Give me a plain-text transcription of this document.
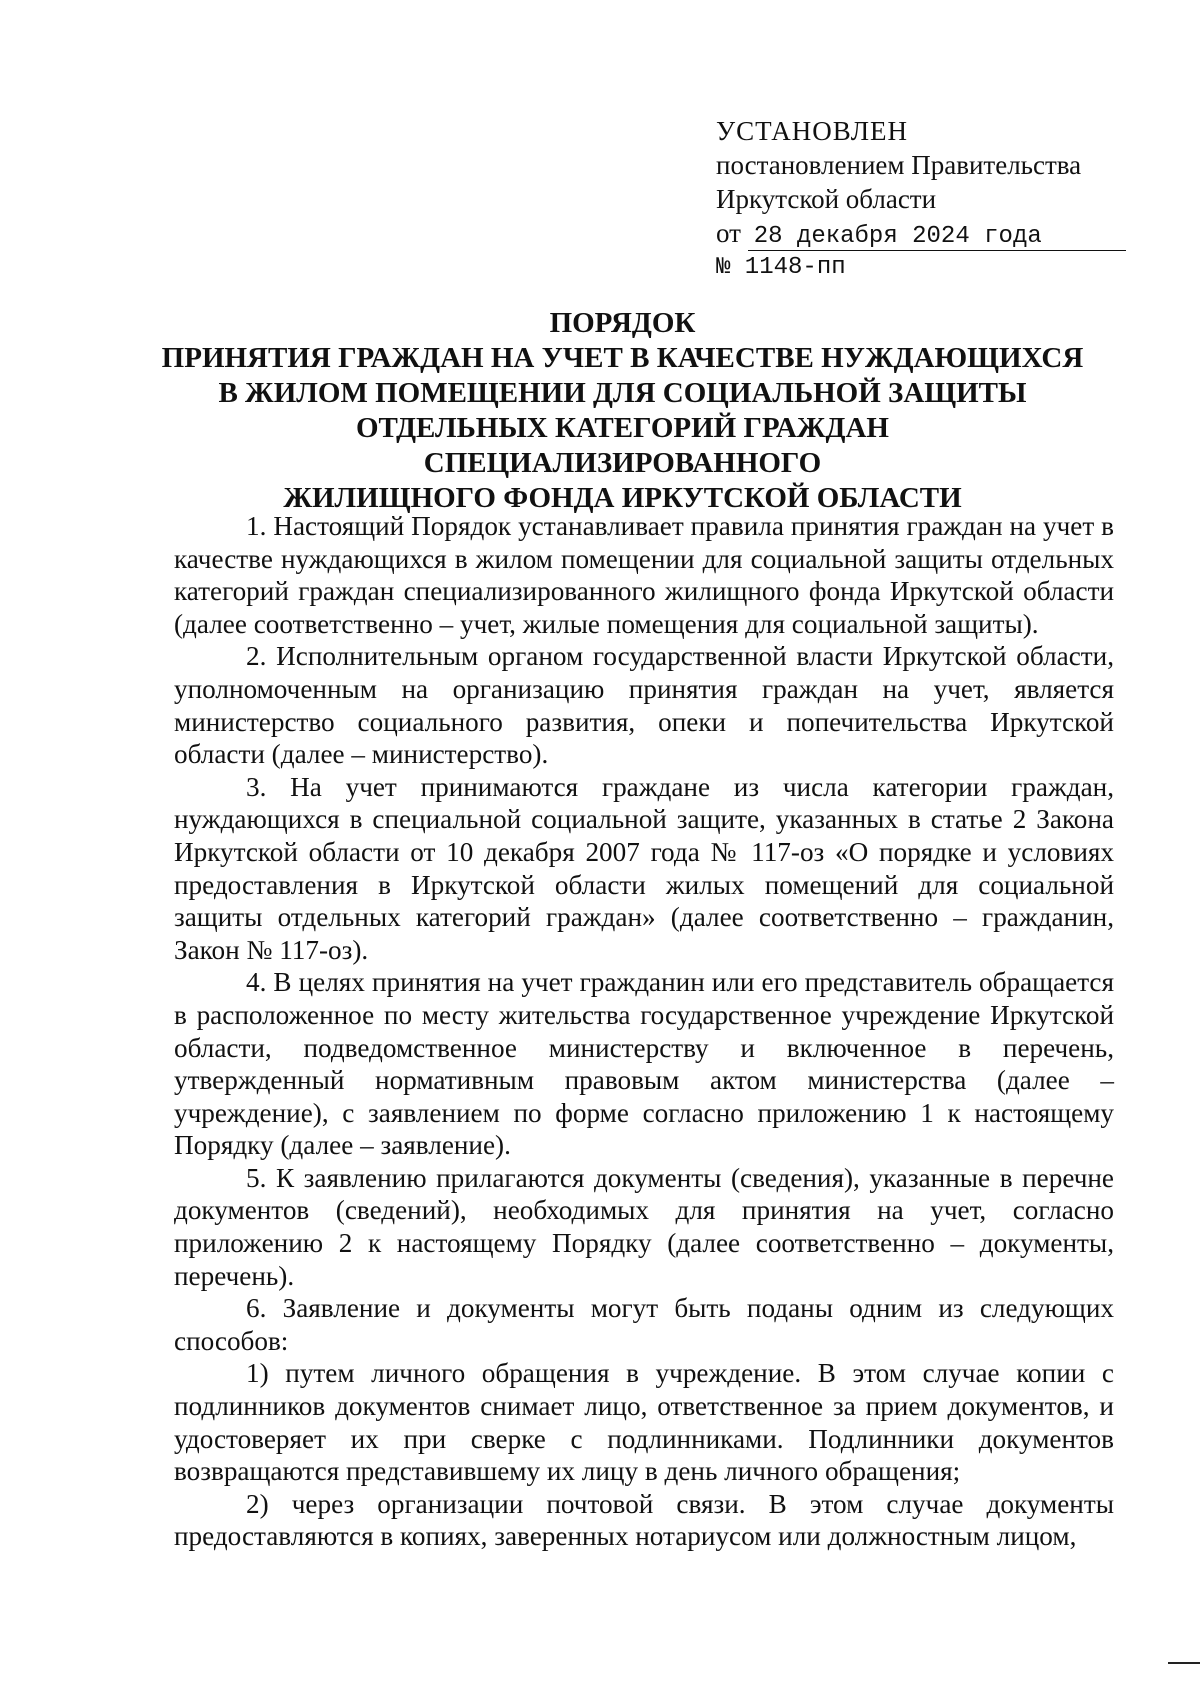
УСТАНОВЛЕН
постановлением Правительства
Иркутской области
от 28 декабря 2024 года
№ 1148-пп
ПОРЯДОК
ПРИНЯТИЯ ГРАЖДАН НА УЧЕТ В КАЧЕСТВЕ НУЖДАЮЩИХСЯ
В ЖИЛОМ ПОМЕЩЕНИИ ДЛЯ СОЦИАЛЬНОЙ ЗАЩИТЫ
ОТДЕЛЬНЫХ КАТЕГОРИЙ ГРАЖДАН СПЕЦИАЛИЗИРОВАННОГО
ЖИЛИЩНОГО ФОНДА ИРКУТСКОЙ ОБЛАСТИ

1. Настоящий Порядок устанавливает правила принятия граждан на учет в качестве нуждающихся в жилом помещении для социальной защиты отдельных категорий граждан специализированного жилищного фонда Иркутской области (далее соответственно – учет, жилые помещения для социальной защиты).

2. Исполнительным органом государственной власти Иркутской области, уполномоченным на организацию принятия граждан на учет, является министерство социального развития, опеки и попечительства Иркутской области (далее – министерство).

3. На учет принимаются граждане из числа категории граждан, нуждающихся в специальной социальной защите, указанных в статье 2 Закона Иркутской области от 10 декабря 2007 года № 117-оз «О порядке и условиях предоставления в Иркутской области жилых помещений для социальной защиты отдельных категорий граждан» (далее соответственно – гражданин, Закон № 117-оз).

4. В целях принятия на учет гражданин или его представитель обращается в расположенное по месту жительства государственное учреждение Иркутской области, подведомственное министерству и включенное в перечень, утвержденный нормативным правовым актом министерства (далее – учреждение), с заявлением по форме согласно приложению 1 к настоящему Порядку (далее – заявление).

5. К заявлению прилагаются документы (сведения), указанные в перечне документов (сведений), необходимых для принятия на учет, согласно приложению 2 к настоящему Порядку (далее соответственно – документы, перечень).

6. Заявление и документы могут быть поданы одним из следующих способов:

1) путем личного обращения в учреждение. В этом случае копии с подлинников документов снимает лицо, ответственное за прием документов, и удостоверяет их при сверке с подлинниками. Подлинники документов возвращаются представившему их лицу в день личного обращения;

2) через организации почтовой связи. В этом случае документы предоставляются в копиях, заверенных нотариусом или должностным лицом,
